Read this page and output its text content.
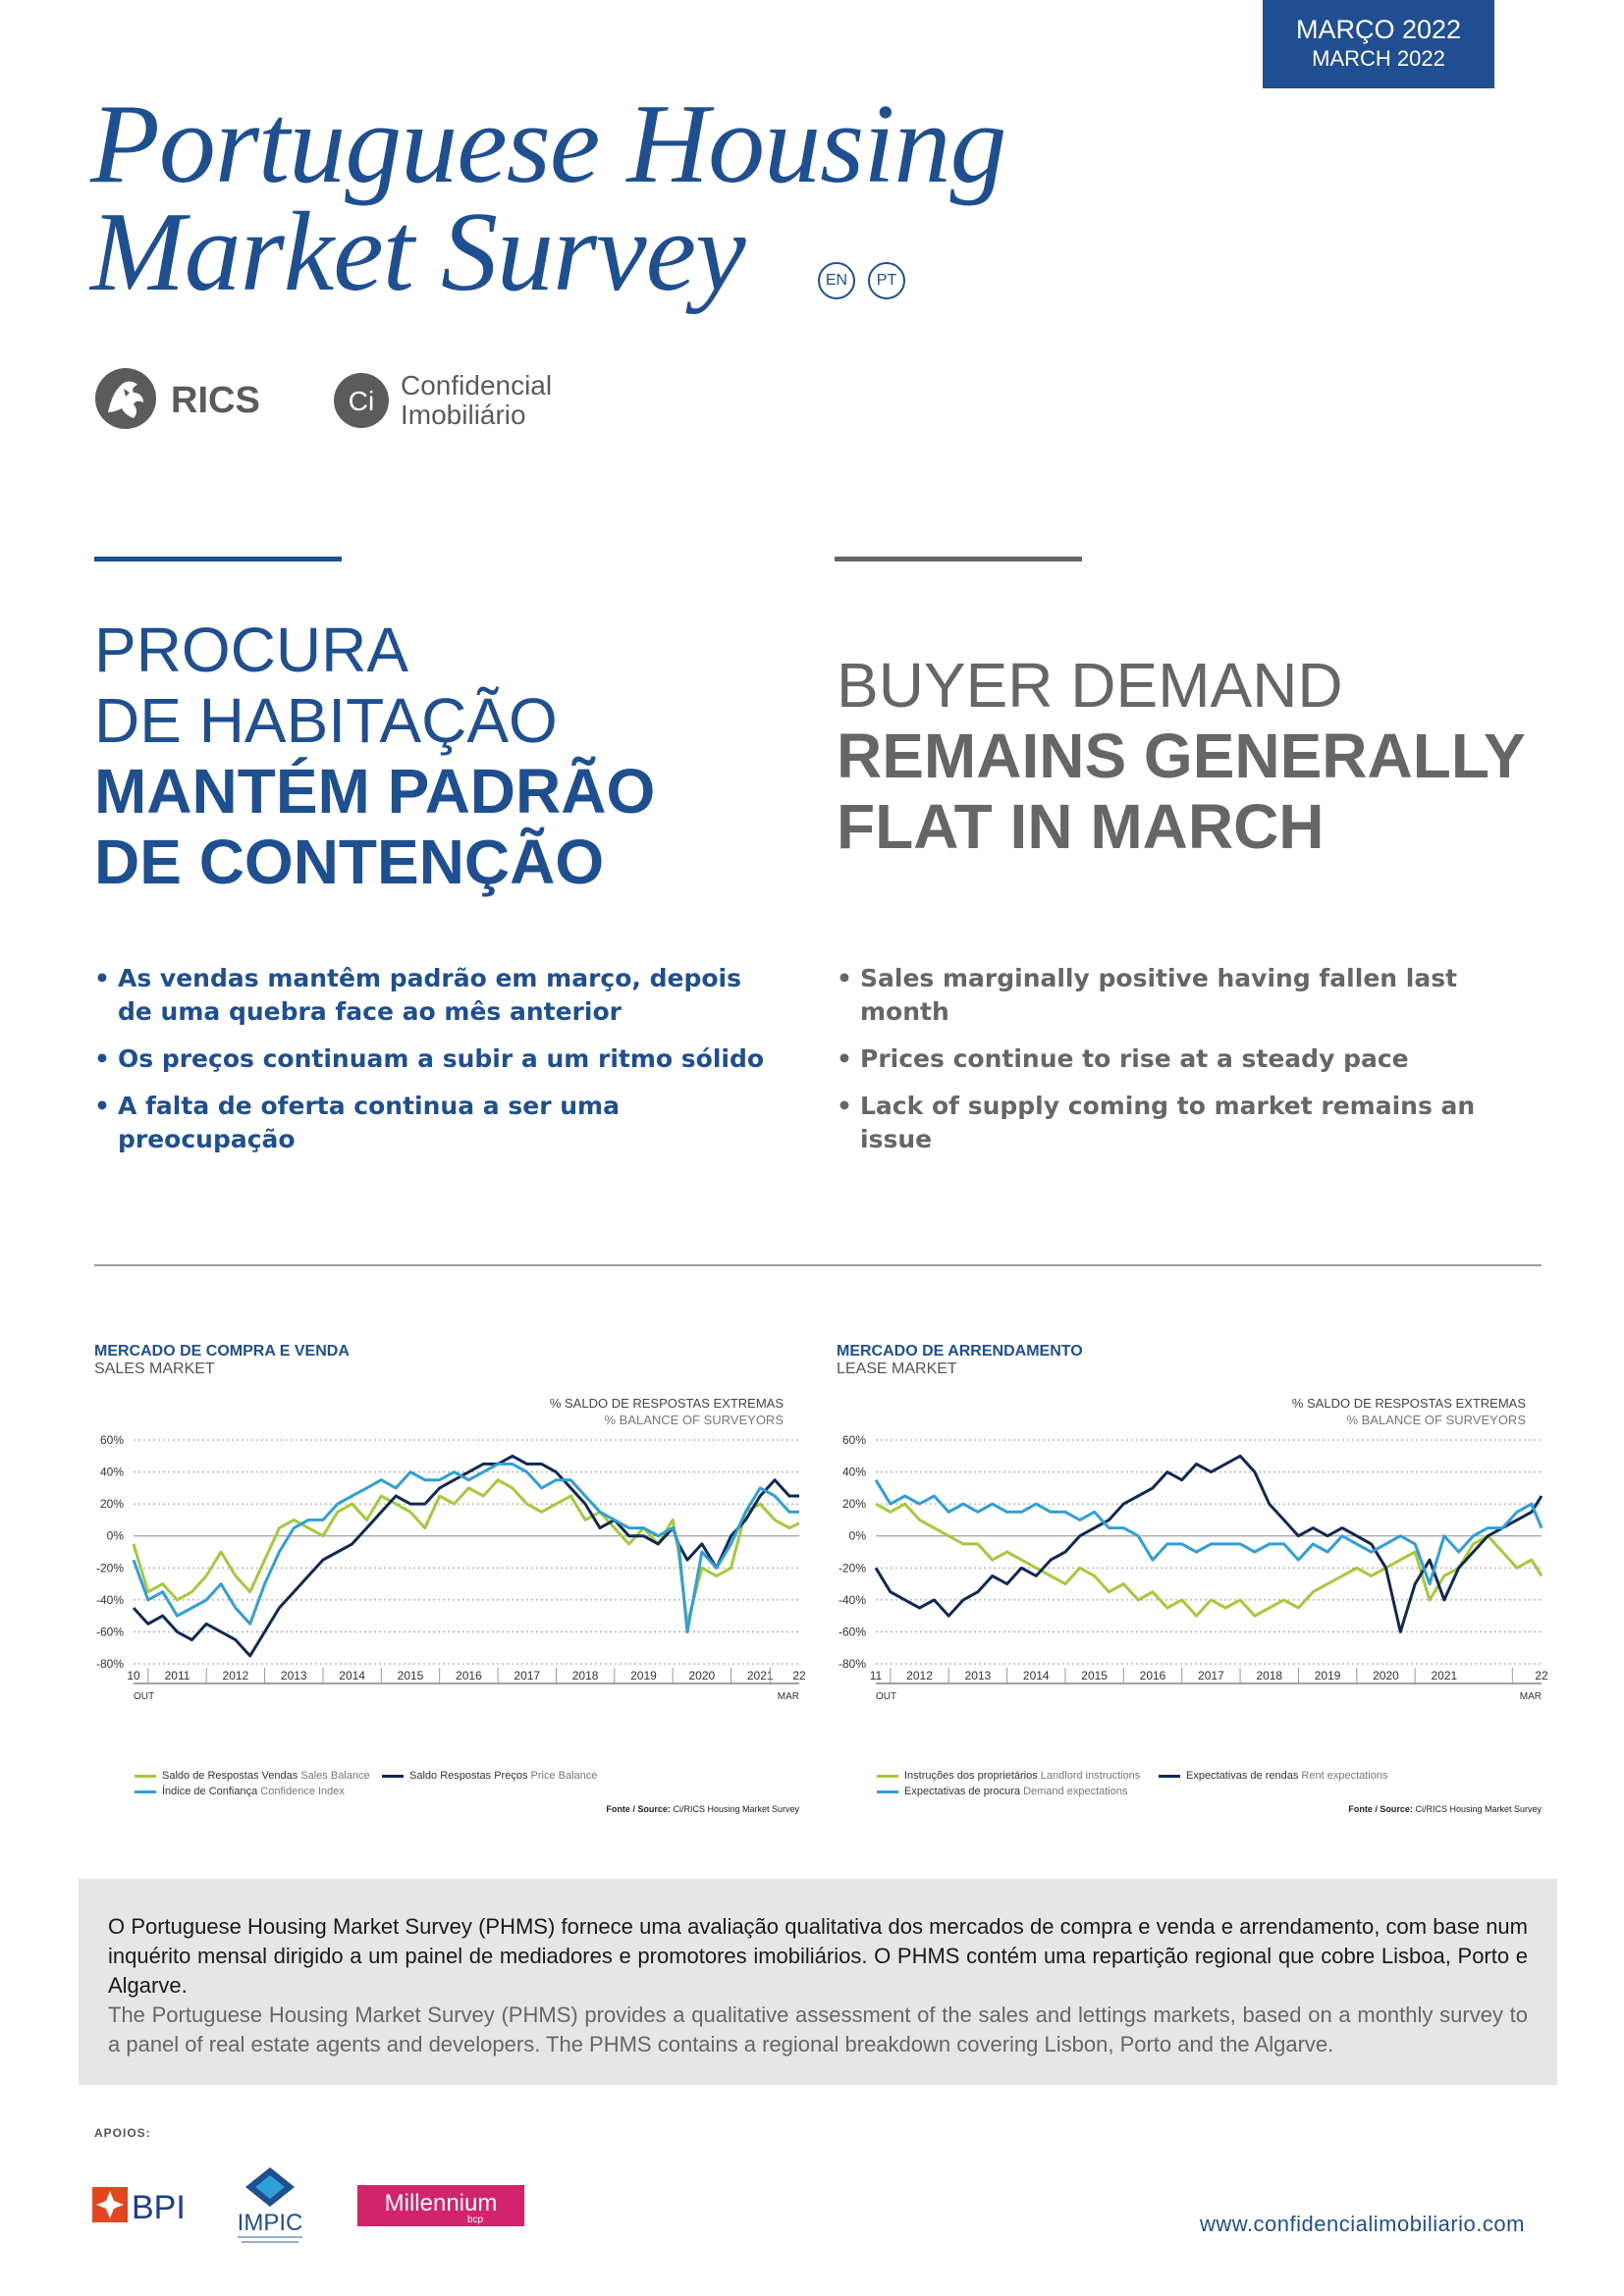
MARÇO 2022
MARCH 2022
Portuguese Housing
Market Survey	EN	PT
RICS	Ci
Confidencial
Imobiliário
PROCURA
DE HABITAÇÃO
MANTÉM PADRÃO
DE CONTENÇÃO
BUYER DEMAND
REMAINS GENERALLY
FLAT IN MARCH
• As vendas mantêm padrão em março, depois de uma quebra face ao mês anterior
• Os preços continuam a subir a um ritmo sólido
• A falta de oferta continua a ser uma preocupação
• Sales marginally positive having fallen last month
• Prices continue to rise at a steady pace
• Lack of supply coming to market remains an issue
MERCADO DE COMPRA E VENDA
SALES MARKET
% SALDO DE RESPOSTAS EXTREMAS
% BALANCE OF SURVEYORS
60%
40%
20%
0%
-20%
-40%
-60%
-80%
10 2011	2012	2013	2014	2015	2016	2017	2018	2019	2020	2021 22
OUT	MAR
Saldo de Respostas Vendas Sales Balance	Saldo Respostas Preços Price Balance
Índice de Confiança Confidence Index
Fonte / Source: Ci/RICS Housing Market Survey
MERCADO DE ARRENDAMENTO
LEASE MARKET
% SALDO DE RESPOSTAS EXTREMAS
% BALANCE OF SURVEYORS
60%
40%
20%
0%
-20%
-40%
-60%
-80%
11 2012	2013	2014	2015	2016	2017	2018	2019	2020	2021	22
OUT	MAR
Instruções dos proprietários Landlord instructions	Expectativas de rendas Rent expectations
Expectativas de procura Demand expectations
Fonte / Source: Ci/RICS Housing Market Survey

O Portuguese Housing Market Survey (PHMS) fornece uma avaliação qualitativa dos mercados de compra e venda e arrendamento, com base num inquérito mensal dirigido a um painel de mediadores e promotores imobiliários. O PHMS contém uma repartição regional que cobre Lisboa, Porto e Algarve.

The Portuguese Housing Market Survey (PHMS) provides a qualitative assessment of the sales and lettings markets, based on a monthly survey to a panel of real estate agents and developers. The PHMS contains a regional breakdown covering Lisbon, Porto and the Algarve.

APOIOS:
BPI IMPIC
Millennium
bcp	www.confidencialimobiliario.com
